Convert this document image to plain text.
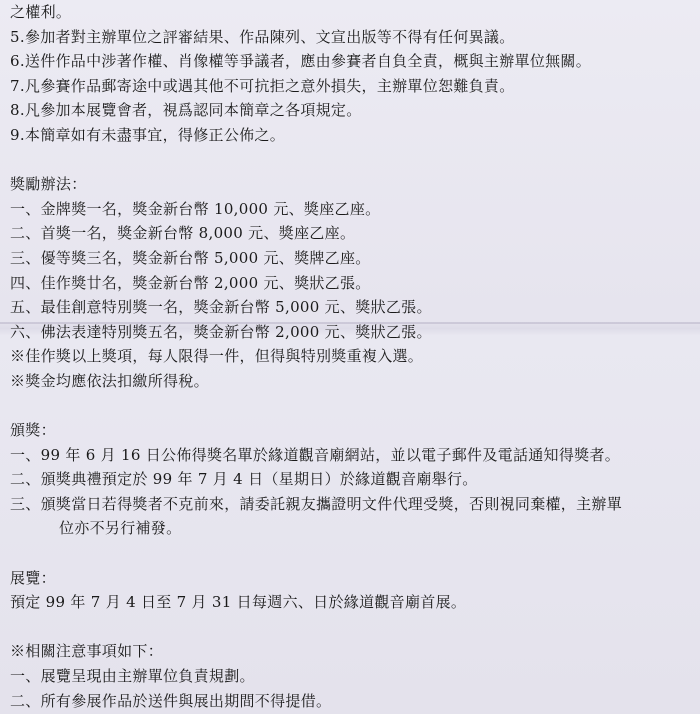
之權利。
5.參加者對主辦單位之評審結果、作品陳列、文宣出版等不得有任何異議。
6.送件作品中涉著作權、肖像權等爭議者，應由參賽者自負全責，概與主辦單位無關。
7.凡參賽作品郵寄途中或遇其他不可抗拒之意外損失，主辦單位恕難負責。
8.凡參加本展覽會者，視爲認同本簡章之各項規定。
9.本簡章如有未盡事宜，得修正公佈之。
獎勵辦法：
一、金牌獎一名，獎金新台幣 10,000 元、獎座乙座。
二、首獎一名，獎金新台幣 8,000 元、獎座乙座。
三、優等獎三名，獎金新台幣 5,000 元、獎牌乙座。
四、佳作獎廿名，獎金新台幣 2,000 元、獎狀乙張。
五、最佳創意特別獎一名，獎金新台幣 5,000 元、獎狀乙張。
六、佛法表達特別獎五名，獎金新台幣 2,000 元、獎狀乙張。
※佳作獎以上獎項，每人限得一件，但得與特別獎重複入選。
※獎金均應依法扣繳所得稅。
頒獎：
一、99 年 6 月 16 日公佈得獎名單於緣道觀音廟網站，並以電子郵件及電話通知得獎者。
二、頒獎典禮預定於 99 年 7 月 4 日（星期日）於緣道觀音廟舉行。
三、頒獎當日若得獎者不克前來，請委託親友攜證明文件代理受獎，否則視同棄權，主辦單
位亦不另行補發。
展覽：
預定 99 年 7 月 4 日至 7 月 31 日每週六、日於緣道觀音廟首展。
※相關注意事項如下：
一、展覽呈現由主辦單位負責規劃。
二、所有參展作品於送件與展出期間不得提借。
